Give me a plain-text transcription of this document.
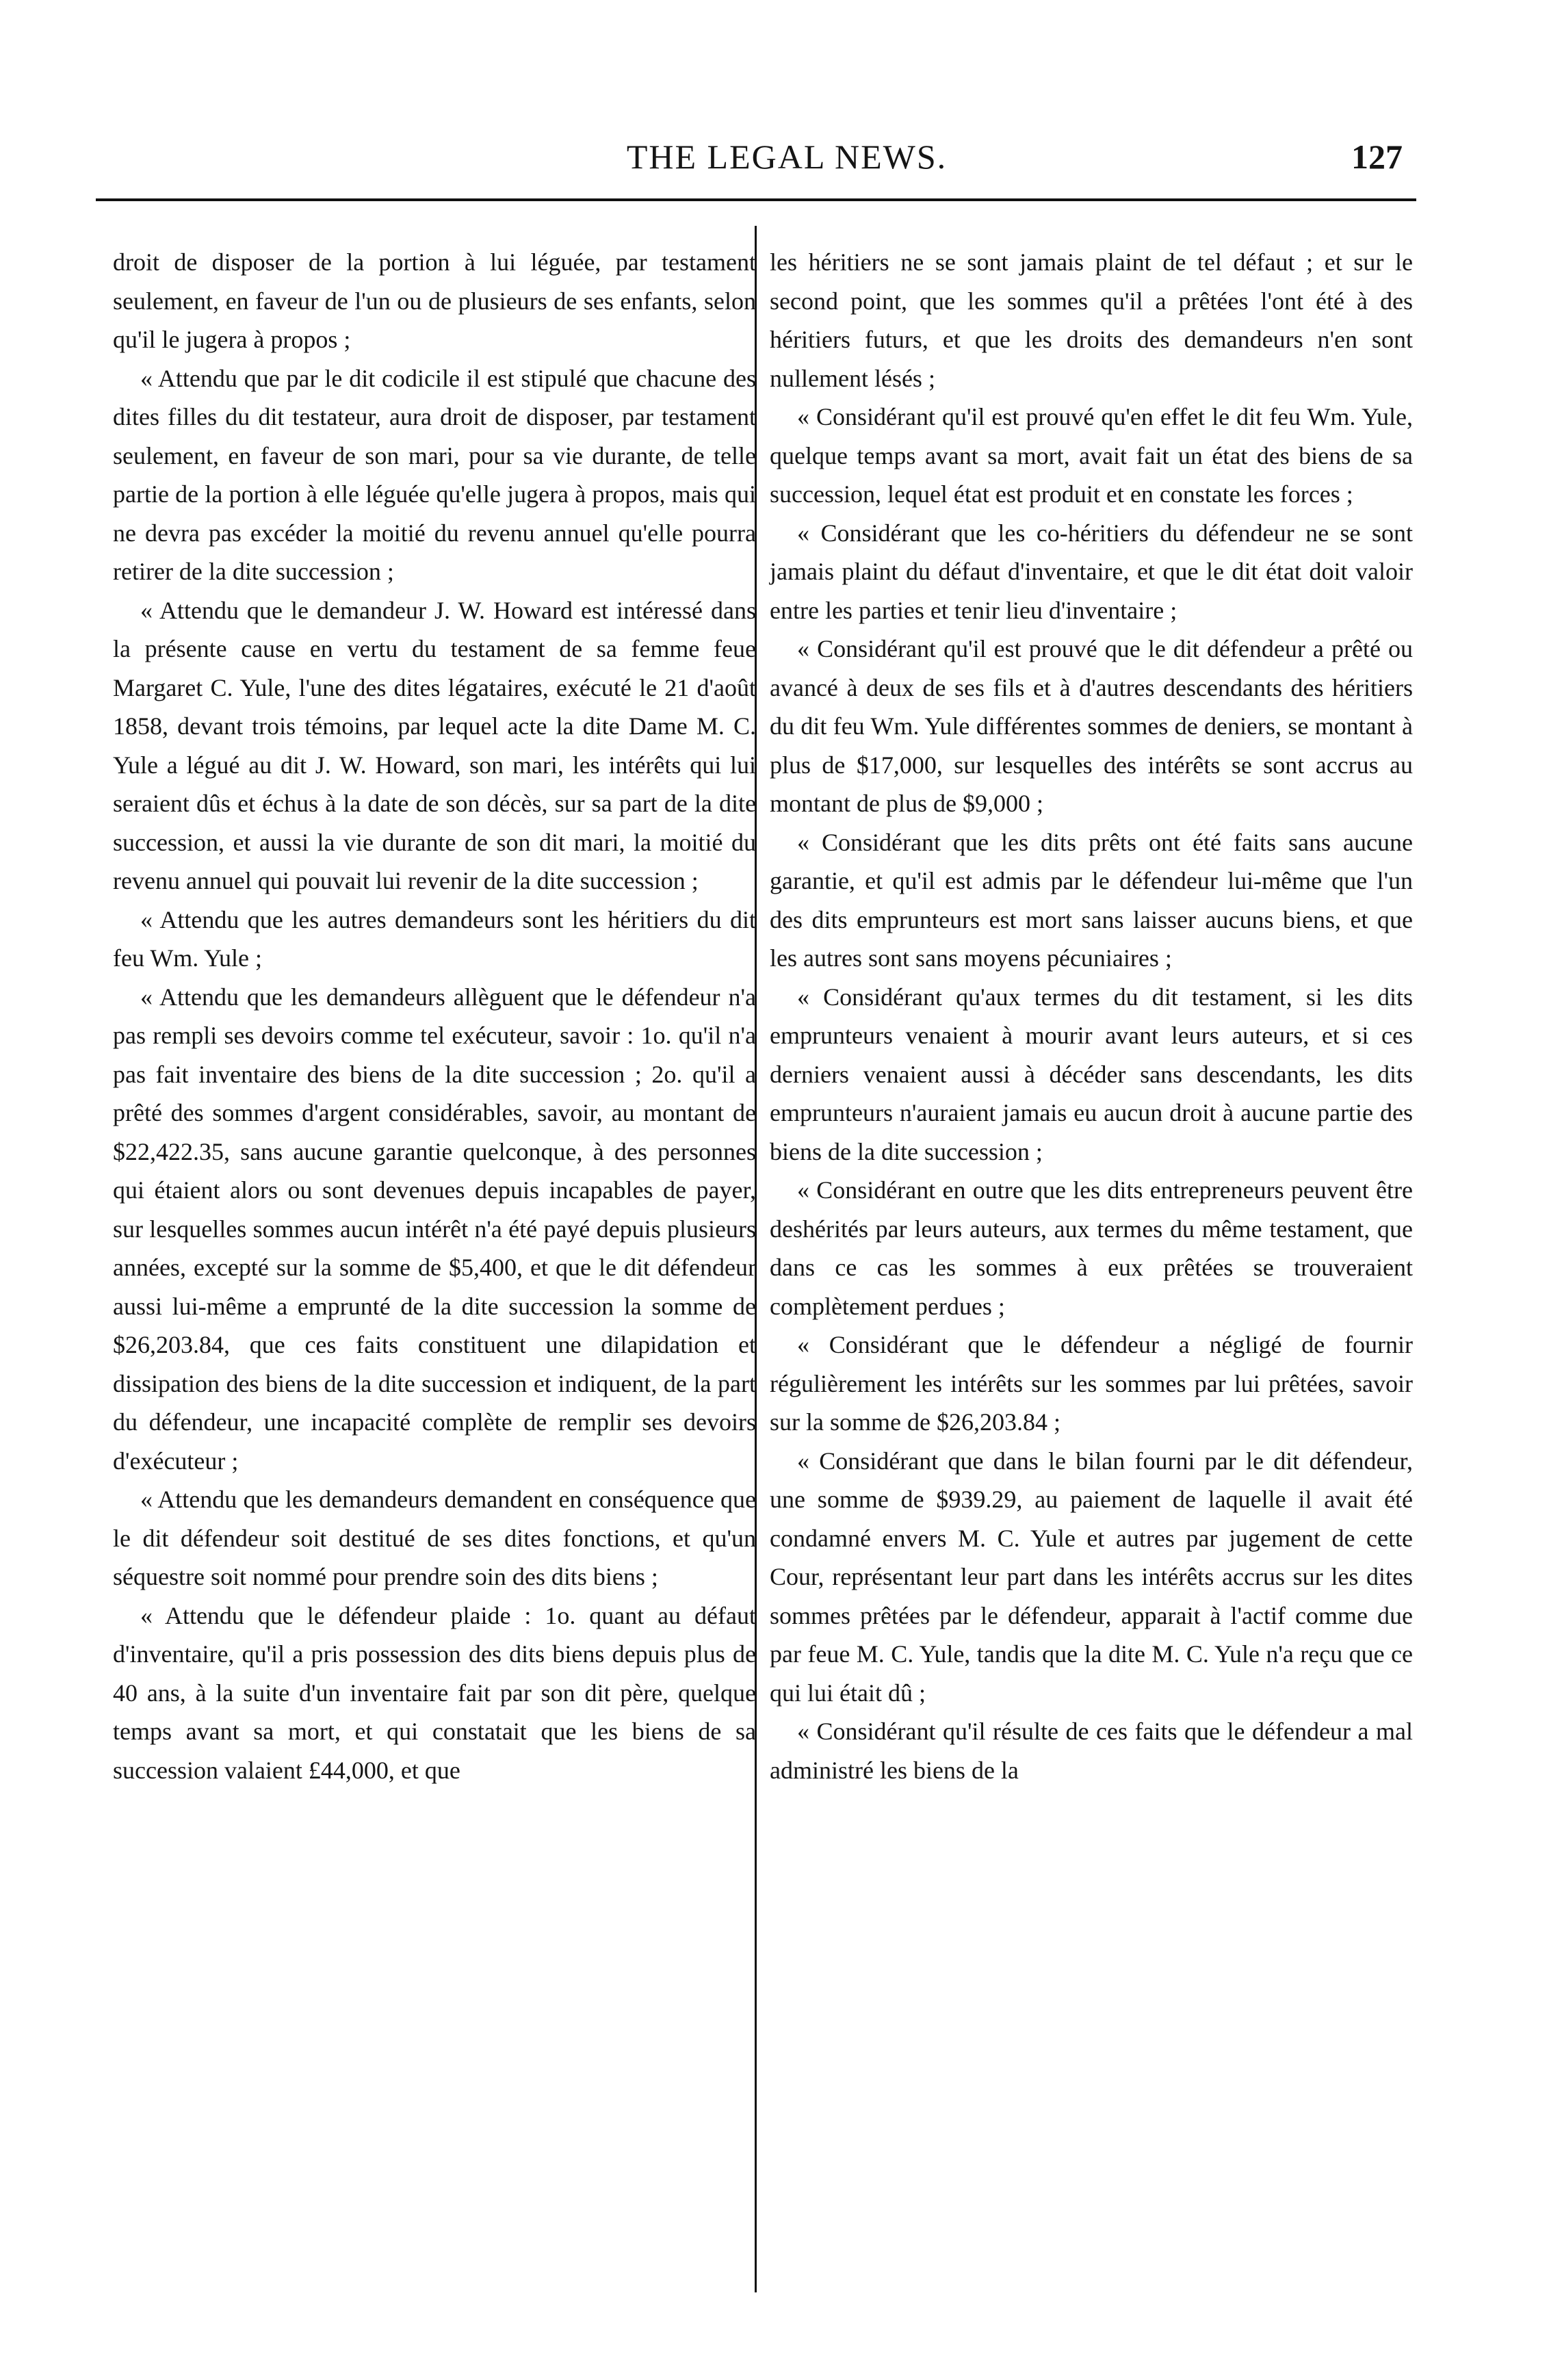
THE LEGAL NEWS.	127

droit de disposer de la portion à lui léguée, par testament seulement, en faveur de l'un ou de plusieurs de ses enfants, selon qu'il le jugera à propos ;

« Attendu que par le dit codicile il est stipulé que chacune des dites filles du dit testateur, aura droit de disposer, par testament seulement, en faveur de son mari, pour sa vie durante, de telle partie de la portion à elle léguée qu'elle jugera à propos, mais qui ne devra pas excéder la moitié du revenu annuel qu'elle pourra retirer de la dite succession ;

« Attendu que le demandeur J. W. Howard est intéressé dans la présente cause en vertu du testament de sa femme feue Margaret C. Yule, l'une des dites légataires, exécuté le 21 d'août 1858, devant trois témoins, par lequel acte la dite Dame M. C. Yule a légué au dit J. W. Howard, son mari, les intérêts qui lui seraient dûs et échus à la date de son décès, sur sa part de la dite succession, et aussi la vie durante de son dit mari, la moitié du revenu annuel qui pouvait lui revenir de la dite succession ;

« Attendu que les autres demandeurs sont les héritiers du dit feu Wm. Yule ;

« Attendu que les demandeurs allèguent que le défendeur n'a pas rempli ses devoirs comme tel exécuteur, savoir : 1o. qu'il n'a pas fait inventaire des biens de la dite succession ; 2o. qu'il a prêté des sommes d'argent considérables, savoir, au montant de $22,422.35, sans aucune garantie quelconque, à des personnes qui étaient alors ou sont devenues depuis incapables de payer, sur lesquelles sommes aucun intérêt n'a été payé depuis plusieurs années, excepté sur la somme de $5,400, et que le dit défendeur aussi lui-même a emprunté de la dite succession la somme de $26,203.84, que ces faits constituent une dilapidation et dissipation des biens de la dite succession et indiquent, de la part du défendeur, une incapacité complète de remplir ses devoirs d'exécuteur ;

« Attendu que les demandeurs demandent en conséquence que le dit défendeur soit destitué de ses dites fonctions, et qu'un séquestre soit nommé pour prendre soin des dits biens ;

« Attendu que le défendeur plaide : 1o. quant au défaut d'inventaire, qu'il a pris possession des dits biens depuis plus de 40 ans, à la suite d'un inventaire fait par son dit père, quelque temps avant sa mort, et qui constatait que les biens de sa succession valaient £44,000, et que

les héritiers ne se sont jamais plaint de tel défaut ; et sur le second point, que les sommes qu'il a prêtées l'ont été à des héritiers futurs, et que les droits des demandeurs n'en sont nullement lésés ;

« Considérant qu'il est prouvé qu'en effet le dit feu Wm. Yule, quelque temps avant sa mort, avait fait un état des biens de sa succession, lequel état est produit et en constate les forces ;

« Considérant que les co-héritiers du défendeur ne se sont jamais plaint du défaut d'inventaire, et que le dit état doit valoir entre les parties et tenir lieu d'inventaire ;

« Considérant qu'il est prouvé que le dit défendeur a prêté ou avancé à deux de ses fils et à d'autres descendants des héritiers du dit feu Wm. Yule différentes sommes de deniers, se montant à plus de $17,000, sur lesquelles des intérêts se sont accrus au montant de plus de $9,000 ;

« Considérant que les dits prêts ont été faits sans aucune garantie, et qu'il est admis par le défendeur lui-même que l'un des dits emprunteurs est mort sans laisser aucuns biens, et que les autres sont sans moyens pécuniaires ;

« Considérant qu'aux termes du dit testament, si les dits emprunteurs venaient à mourir avant leurs auteurs, et si ces derniers venaient aussi à décéder sans descendants, les dits emprunteurs n'auraient jamais eu aucun droit à aucune partie des biens de la dite succession ;

« Considérant en outre que les dits entrepreneurs peuvent être deshérités par leurs auteurs, aux termes du même testament, que dans ce cas les sommes à eux prêtées se trouveraient complètement perdues ;

« Considérant que le défendeur a négligé de fournir régulièrement les intérêts sur les sommes par lui prêtées, savoir sur la somme de $26,203.84 ;

« Considérant que dans le bilan fourni par le dit défendeur, une somme de $939.29, au paiement de laquelle il avait été condamné envers M. C. Yule et autres par jugement de cette Cour, représentant leur part dans les intérêts accrus sur les dites sommes prêtées par le défendeur, apparait à l'actif comme due par feue M. C. Yule, tandis que la dite M. C. Yule n'a reçu que ce qui lui était dû ;

« Considérant qu'il résulte de ces faits que le défendeur a mal administré les biens de la
